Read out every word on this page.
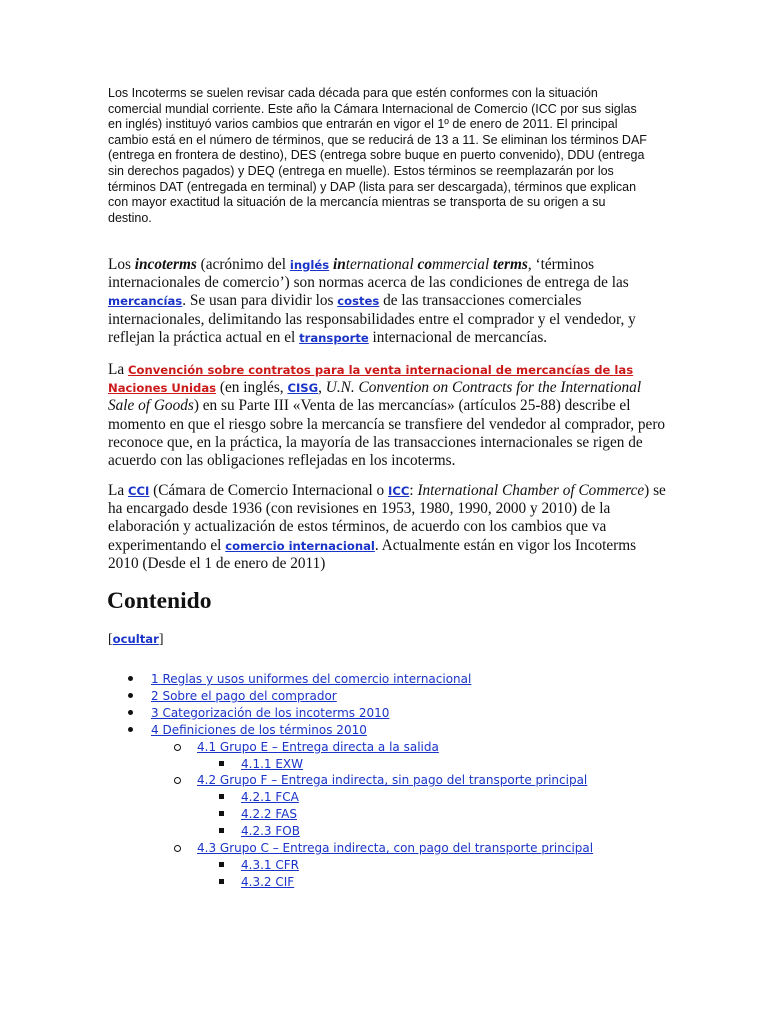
Los Incoterms se suelen revisar cada década para que estén conformes con la situación comercial mundial corriente. Este año la Cámara Internacional de Comercio (ICC por sus siglas en inglés) instituyó varios cambios que entrarán en vigor el 1º de enero de 2011. El principal cambio está en el número de términos, que se reducirá de 13 a 11. Se eliminan los términos DAF (entrega en frontera de destino), DES (entrega sobre buque en puerto convenido), DDU (entrega sin derechos pagados) y DEQ (entrega en muelle). Estos términos se reemplazarán por los términos DAT (entregada en terminal) y DAP (lista para ser descargada), términos que explican con mayor exactitud la situación de la mercancía mientras se transporta de su origen a su destino.

Los incoterms (acrónimo del inglés international commercial terms, ‘términos internacionales de comercio’) son normas acerca de las condiciones de entrega de las mercancías. Se usan para dividir los costes de las transacciones comerciales internacionales, delimitando las responsabilidades entre el comprador y el vendedor, y reflejan la práctica actual en el transporte internacional de mercancías.

La Convención sobre contratos para la venta internacional de mercancías de las Naciones Unidas (en inglés, CISG, U.N. Convention on Contracts for the International Sale of Goods) en su Parte III «Venta de las mercancías» (artículos 25-88) describe el momento en que el riesgo sobre la mercancía se transfiere del vendedor al comprador, pero reconoce que, en la práctica, la mayoría de las transacciones internacionales se rigen de acuerdo con las obligaciones reflejadas en los incoterms.

La CCI (Cámara de Comercio Internacional o ICC: International Chamber of Commerce) se ha encargado desde 1936 (con revisiones en 1953, 1980, 1990, 2000 y 2010) de la elaboración y actualización de estos términos, de acuerdo con los cambios que va experimentando el comercio internacional. Actualmente están en vigor los Incoterms 2010 (Desde el 1 de enero de 2011)

Contenido

[ocultar]

1 Reglas y usos uniformes del comercio internacional
2 Sobre el pago del comprador
3 Categorización de los incoterms 2010
4 Definiciones de los términos 2010
4.1 Grupo E – Entrega directa a la salida
4.1.1 EXW
4.2 Grupo F – Entrega indirecta, sin pago del transporte principal
4.2.1 FCA
4.2.2 FAS
4.2.3 FOB
4.3 Grupo C – Entrega indirecta, con pago del transporte principal
4.3.1 CFR
4.3.2 CIF
